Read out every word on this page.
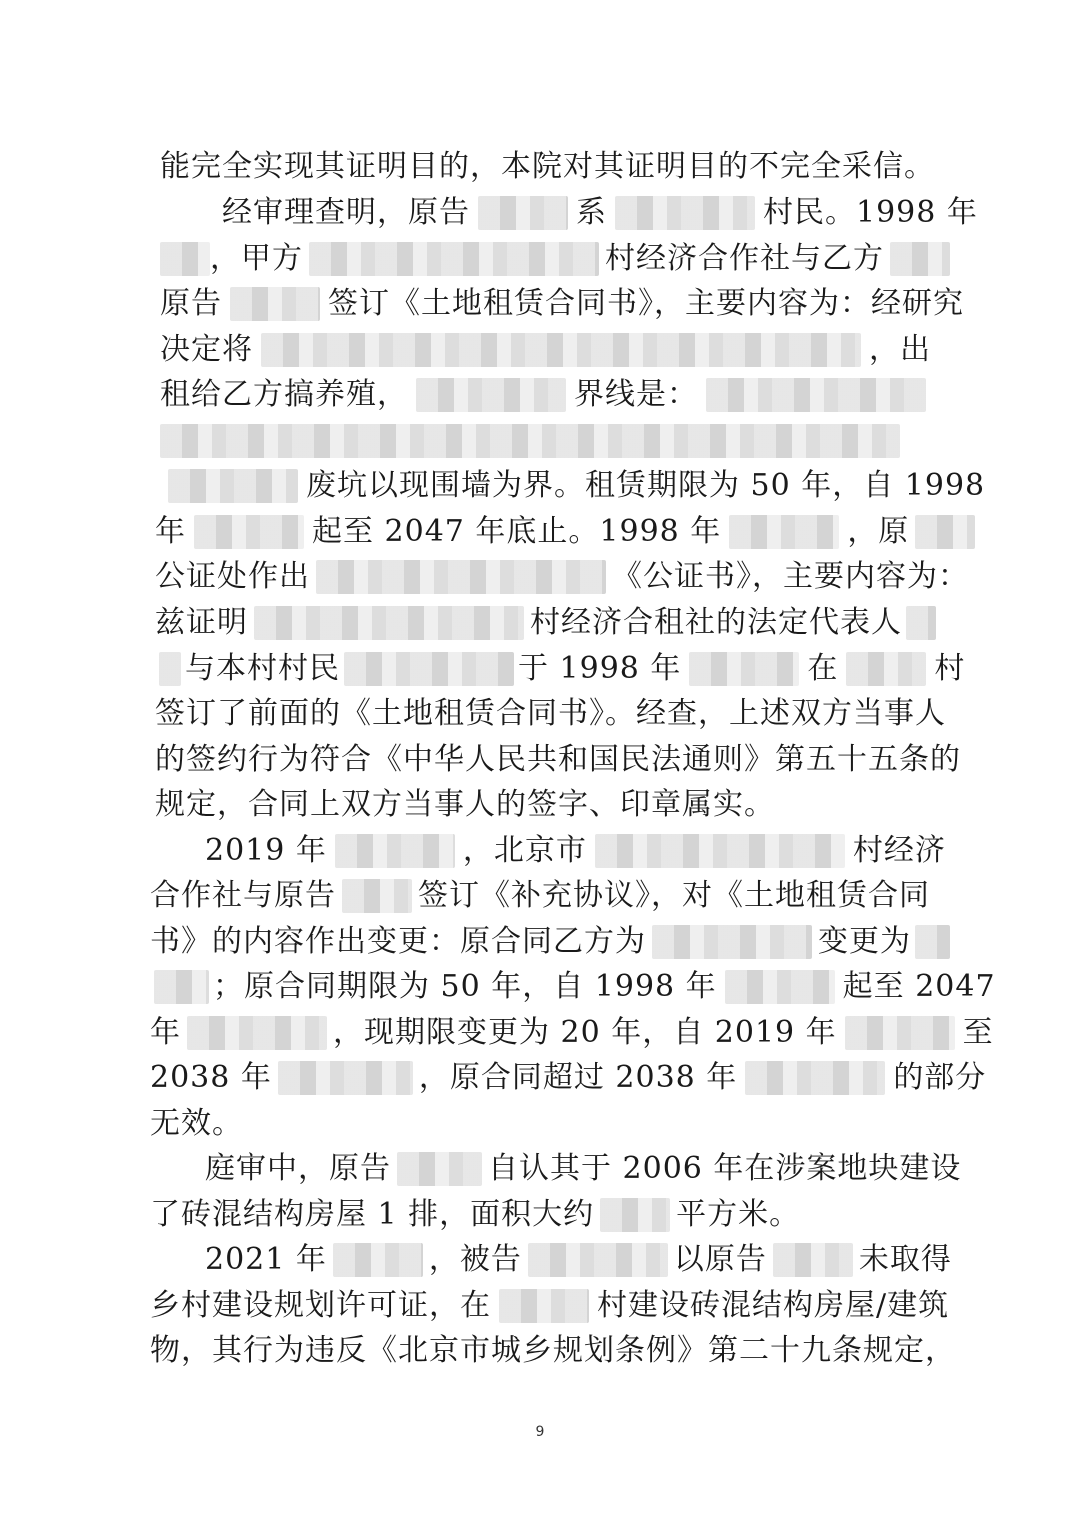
能完全实现其证明目的，本院对其证明目的不完全采信。
经审理查明，原告	系	村民。1998 年
，甲方	村经济合作社与乙方
原告	签订《土地租赁合同书》，主要内容为：经研究
决定将	，出
租给乙方搞养殖，	界线是：
废坑以现围墙为界。租赁期限为 50 年，自 1998
年	起至 2047 年底止。1998 年	，原
公证处作出	《公证书》，主要内容为：
兹证明	村经济合租社的法定代表人
与本村村民	于 1998 年	在	村
签订了前面的《土地租赁合同书》。经查，上述双方当事人
的签约行为符合《中华人民共和国民法通则》第五十五条的
规定，合同上双方当事人的签字、印章属实。
2019 年	，北京市	村经济
合作社与原告	签订《补充协议》，对《土地租赁合同
书》的内容作出变更：原合同乙方为	变更为
；原合同期限为 50 年，自 1998 年	起至 2047
年	，现期限变更为 20 年，自 2019 年	至
2038 年	，原合同超过 2038 年	的部分
无效。
庭审中，原告	自认其于 2006 年在涉案地块建设
了砖混结构房屋 1 排，面积大约	平方米。
2021 年	，被告	以原告	未取得
乡村建设规划许可证，在	村建设砖混结构房屋/建筑
物，其行为违反《北京市城乡规划条例》第二十九条规定，
9
